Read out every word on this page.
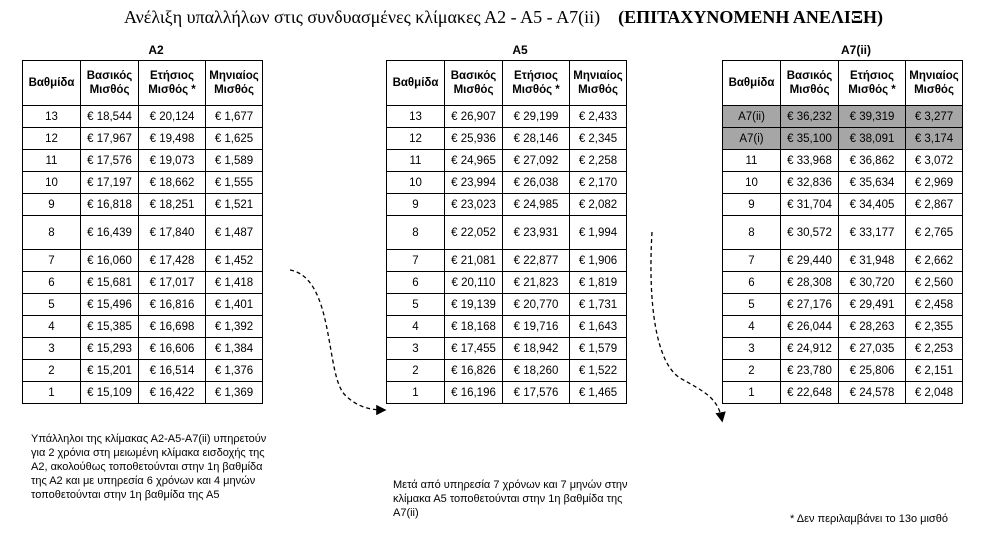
Ανέλιξη υπαλλήλων στις συνδυασμένες κλίμακες Α2 - Α5 - Α7(ii) (ΕΠΙΤΑΧΥΝΟΜΕΝΗ ΑΝΕΛΙΞΗ)
Α2	Α5	Α7(ii)
Βαθμίδα	Βασικός Μισθός	Ετήσιος Μισθός *	Μηνιαίος Μισθός
13	€ 18,544	€ 20,124	€ 1,677
12	€ 17,967	€ 19,498	€ 1,625
11	€ 17,576	€ 19,073	€ 1,589
10	€ 17,197	€ 18,662	€ 1,555
9	€ 16,818	€ 18,251	€ 1,521
8	€ 16,439	€ 17,840	€ 1,487
7	€ 16,060	€ 17,428	€ 1,452
6	€ 15,681	€ 17,017	€ 1,418
5	€ 15,496	€ 16,816	€ 1,401
4	€ 15,385	€ 16,698	€ 1,392
3	€ 15,293	€ 16,606	€ 1,384
2	€ 15,201	€ 16,514	€ 1,376
1	€ 15,109	€ 16,422	€ 1,369
Βαθμίδα	Βασικός Μισθός	Ετήσιος Μισθός *	Μηνιαίος Μισθός
13	€ 26,907	€ 29,199	€ 2,433
12	€ 25,936	€ 28,146	€ 2,345
11	€ 24,965	€ 27,092	€ 2,258
10	€ 23,994	€ 26,038	€ 2,170
9	€ 23,023	€ 24,985	€ 2,082
8	€ 22,052	€ 23,931	€ 1,994
7	€ 21,081	€ 22,877	€ 1,906
6	€ 20,110	€ 21,823	€ 1,819
5	€ 19,139	€ 20,770	€ 1,731
4	€ 18,168	€ 19,716	€ 1,643
3	€ 17,455	€ 18,942	€ 1,579
2	€ 16,826	€ 18,260	€ 1,522
1	€ 16,196	€ 17,576	€ 1,465
Βαθμίδα	Βασικός Μισθός	Ετήσιος Μισθός *	Μηνιαίος Μισθός
A7(ii)	€ 36,232	€ 39,319	€ 3,277
A7(i)	€ 35,100	€ 38,091	€ 3,174
11	€ 33,968	€ 36,862	€ 3,072
10	€ 32,836	€ 35,634	€ 2,969
9	€ 31,704	€ 34,405	€ 2,867
8	€ 30,572	€ 33,177	€ 2,765
7	€ 29,440	€ 31,948	€ 2,662
6	€ 28,308	€ 30,720	€ 2,560
5	€ 27,176	€ 29,491	€ 2,458
4	€ 26,044	€ 28,263	€ 2,355
3	€ 24,912	€ 27,035	€ 2,253
2	€ 23,780	€ 25,806	€ 2,151
1	€ 22,648	€ 24,578	€ 2,048
Υπάλληλοι της κλίμακας Α2-Α5-Α7(ii) υπηρετούν για 2 χρόνια στη μειωμένη κλίμακα εισδοχής της Α2, ακολούθως τοποθετούνται στην 1η βαθμίδα της Α2 και με υπηρεσία 6 χρόνων και 4 μηνών τοποθετούνται στην 1η βαθμίδα της Α5
Μετά από υπηρεσία 7 χρόνων και 7 μηνών στην κλίμακα Α5 τοποθετούνται στην 1η βαθμίδα της Α7(ii)	* Δεν περιλαμβάνει το 13ο μισθό
